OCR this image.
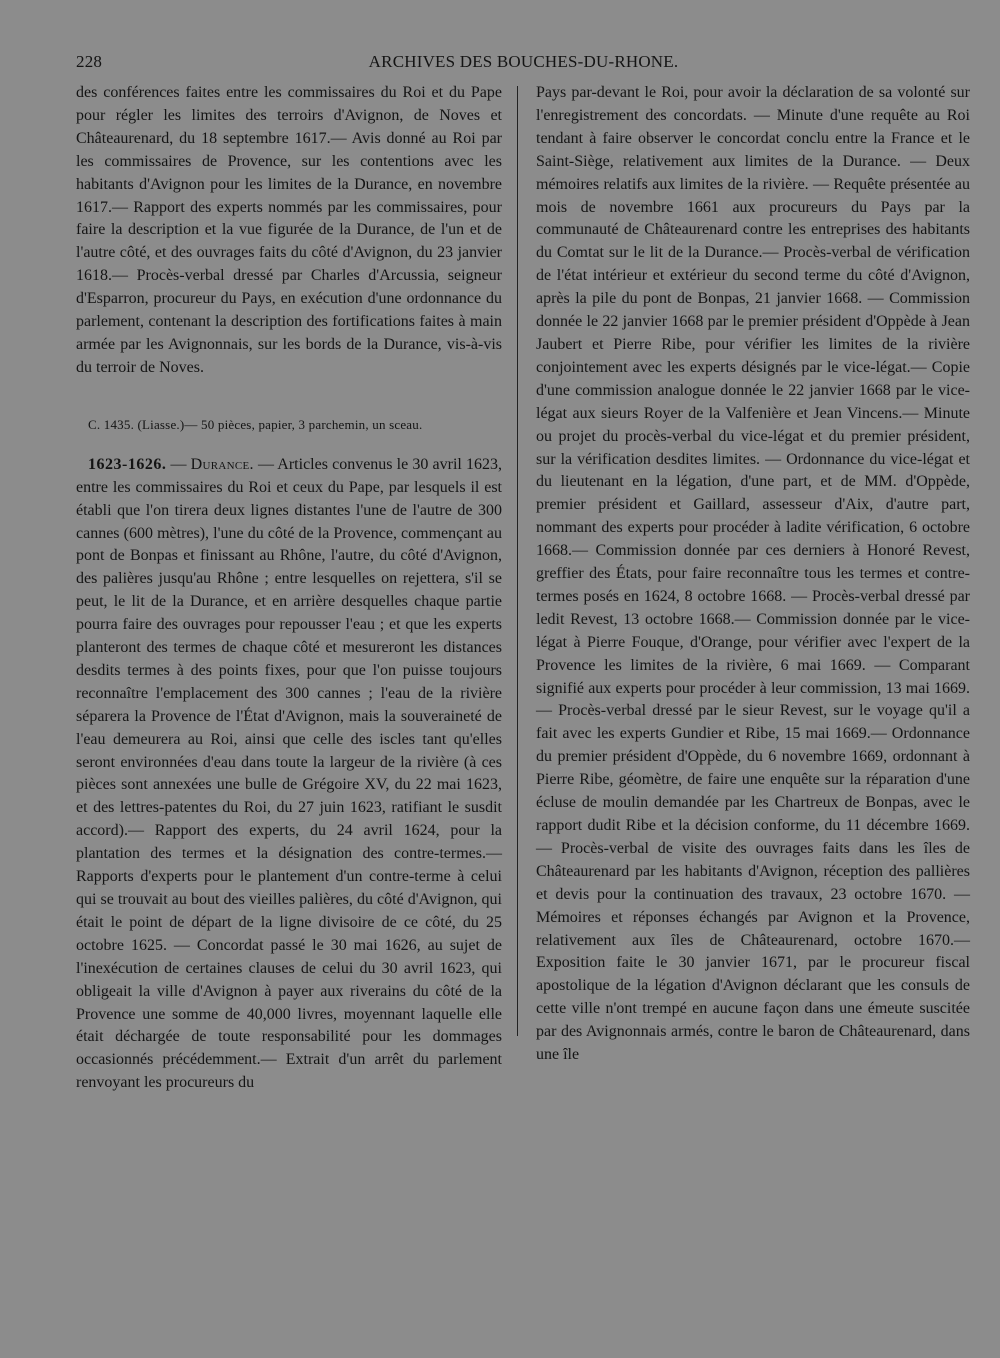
228	ARCHIVES DES BOUCHES-DU-RHONE.

des conférences faites entre les commissaires du Roi et du Pape pour régler les limites des terroirs d'Avignon, de Noves et Châteaurenard, du 18 septembre 1617.— Avis donné au Roi par les commissaires de Provence, sur les contentions avec les habitants d'Avignon pour les limites de la Durance, en novembre 1617.— Rapport des experts nommés par les commissaires, pour faire la description et la vue figurée de la Durance, de l'un et de l'autre côté, et des ouvrages faits du côté d'Avignon, du 23 janvier 1618.— Procès-verbal dressé par Charles d'Arcussia, seigneur d'Esparron, procureur du Pays, en exécution d'une ordonnance du parlement, contenant la description des fortifications faites à main armée par les Avignonnais, sur les bords de la Durance, vis-à-vis du terroir de Noves.

C. 1435. (Liasse.)— 50 pièces, papier, 3 parchemin, un sceau.

1623-1626. — Durance. — Articles convenus le 30 avril 1623, entre les commissaires du Roi et ceux du Pape, par lesquels il est établi que l'on tirera deux lignes distantes l'une de l'autre de 300 cannes (600 mètres), l'une du côté de la Provence, commençant au pont de Bonpas et finissant au Rhône, l'autre, du côté d'Avignon, des palières jusqu'au Rhône ; entre lesquelles on rejettera, s'il se peut, le lit de la Durance, et en arrière desquelles chaque partie pourra faire des ouvrages pour repousser l'eau ; et que les experts planteront des termes de chaque côté et mesureront les distances desdits termes à des points fixes, pour que l'on puisse toujours reconnaître l'emplacement des 300 cannes ; l'eau de la rivière séparera la Provence de l'État d'Avignon, mais la souveraineté de l'eau demeurera au Roi, ainsi que celle des iscles tant qu'elles seront environnées d'eau dans toute la largeur de la rivière (à ces pièces sont annexées une bulle de Grégoire XV, du 22 mai 1623, et des lettres-patentes du Roi, du 27 juin 1623, ratifiant le susdit accord).— Rapport des experts, du 24 avril 1624, pour la plantation des termes et la désignation des contre-termes.— Rapports d'experts pour le plantement d'un contre-terme à celui qui se trouvait au bout des vieilles palières, du côté d'Avignon, qui était le point de départ de la ligne divisoire de ce côté, du 25 octobre 1625. — Concordat passé le 30 mai 1626, au sujet de l'inexécution de certaines clauses de celui du 30 avril 1623, qui obligeait la ville d'Avignon à payer aux riverains du côté de la Provence une somme de 40,000 livres, moyennant laquelle elle était déchargée de toute responsabilité pour les dommages occasionnés précédemment.— Extrait d'un arrêt du parlement renvoyant les procureurs du

Pays par-devant le Roi, pour avoir la déclaration de sa volonté sur l'enregistrement des concordats. — Minute d'une requête au Roi tendant à faire observer le concordat conclu entre la France et le Saint-Siège, relativement aux limites de la Durance. — Deux mémoires relatifs aux limites de la rivière. — Requête présentée au mois de novembre 1661 aux procureurs du Pays par la communauté de Châteaurenard contre les entreprises des habitants du Comtat sur le lit de la Durance.— Procès-verbal de vérification de l'état intérieur et extérieur du second terme du côté d'Avignon, après la pile du pont de Bonpas, 21 janvier 1668. — Commission donnée le 22 janvier 1668 par le premier président d'Oppède à Jean Jaubert et Pierre Ribe, pour vérifier les limites de la rivière conjointement avec les experts désignés par le vice-légat.— Copie d'une commission analogue donnée le 22 janvier 1668 par le vice-légat aux sieurs Royer de la Valfenière et Jean Vincens.— Minute ou projet du procès-verbal du vice-légat et du premier président, sur la vérification desdites limites. — Ordonnance du vice-légat et du lieutenant en la légation, d'une part, et de MM. d'Oppède, premier président et Gaillard, assesseur d'Aix, d'autre part, nommant des experts pour procéder à ladite vérification, 6 octobre 1668.— Commission donnée par ces derniers à Honoré Revest, greffier des États, pour faire reconnaître tous les termes et contre-termes posés en 1624, 8 octobre 1668. — Procès-verbal dressé par ledit Revest, 13 octobre 1668.— Commission donnée par le vice-légat à Pierre Fouque, d'Orange, pour vérifier avec l'expert de la Provence les limites de la rivière, 6 mai 1669. — Comparant signifié aux experts pour procéder à leur commission, 13 mai 1669. — Procès-verbal dressé par le sieur Revest, sur le voyage qu'il a fait avec les experts Gundier et Ribe, 15 mai 1669.— Ordonnance du premier président d'Oppède, du 6 novembre 1669, ordonnant à Pierre Ribe, géomètre, de faire une enquête sur la réparation d'une écluse de moulin demandée par les Chartreux de Bonpas, avec le rapport dudit Ribe et la décision conforme, du 11 décembre 1669.— Procès-verbal de visite des ouvrages faits dans les îles de Châteaurenard par les habitants d'Avignon, réception des pallières et devis pour la continuation des travaux, 23 octobre 1670. — Mémoires et réponses échangés par Avignon et la Provence, relativement aux îles de Châteaurenard, octobre 1670.— Exposition faite le 30 janvier 1671, par le procureur fiscal apostolique de la légation d'Avignon déclarant que les consuls de cette ville n'ont trempé en aucune façon dans une émeute suscitée par des Avignonnais armés, contre le baron de Châteaurenard, dans une île
